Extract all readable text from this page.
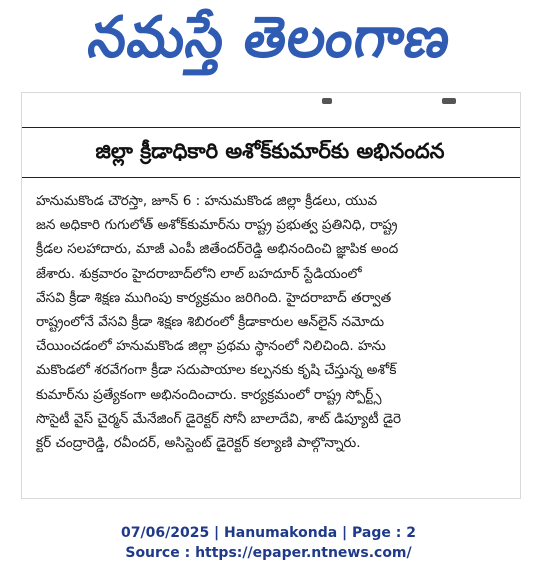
నమస్తే తెలంగాణ
జిల్లా క్రీడాధికారి అశోక్‌కుమార్‌కు అభినందన
హనుమకొండ చౌరస్తా, జూన్ 6 : హనుమకొండ జిల్లా క్రీడలు, యువ
జన అధికారి గుగులోత్ అశోక్‌కుమార్‌ను రాష్ట్ర ప్రభుత్వ ప్రతినిధి, రాష్ట్ర
క్రీడల సలహాదారు, మాజీ ఎంపీ జితేందర్‌రెడ్డి అభినందించి జ్ఞాపిక అంద
జేశారు. శుక్రవారం హైదరాబాద్‌లోని లాల్ బహదూర్ స్టేడియంలో
వేసవి క్రీడా శిక్షణ ముగింపు కార్యక్రమం జరిగింది. హైదరాబాద్ తర్వాత
రాష్ట్రంలోనే వేసవి క్రీడా శిక్షణ శిబిరంలో క్రీడాకారుల ఆన్‌లైన్ నమోదు
చేయించడంలో హనుమకొండ జిల్లా ప్రథమ స్థానంలో నిలిచింది. హను
మకొండలో శరవేగంగా క్రీడా సదుపాయాల కల్పనకు కృషి చేస్తున్న అశోక్
కుమార్‌ను ప్రత్యేకంగా అభినందించారు. కార్యక్రమంలో రాష్ట్ర స్పోర్ట్స్
సొసైటీ వైస్ చైర్మన్ మేనేజింగ్ డైరెక్టర్ సోనీ బాలాదేవి, శాట్ డిప్యూటీ డైరె
క్టర్ చంద్రారెడ్డి, రవీందర్, అసిస్టెంట్ డైరెక్టర్ కల్యాణి పాల్గొన్నారు.
07/06/2025 | Hanumakonda | Page : 2
Source : https://epaper.ntnews.com/
